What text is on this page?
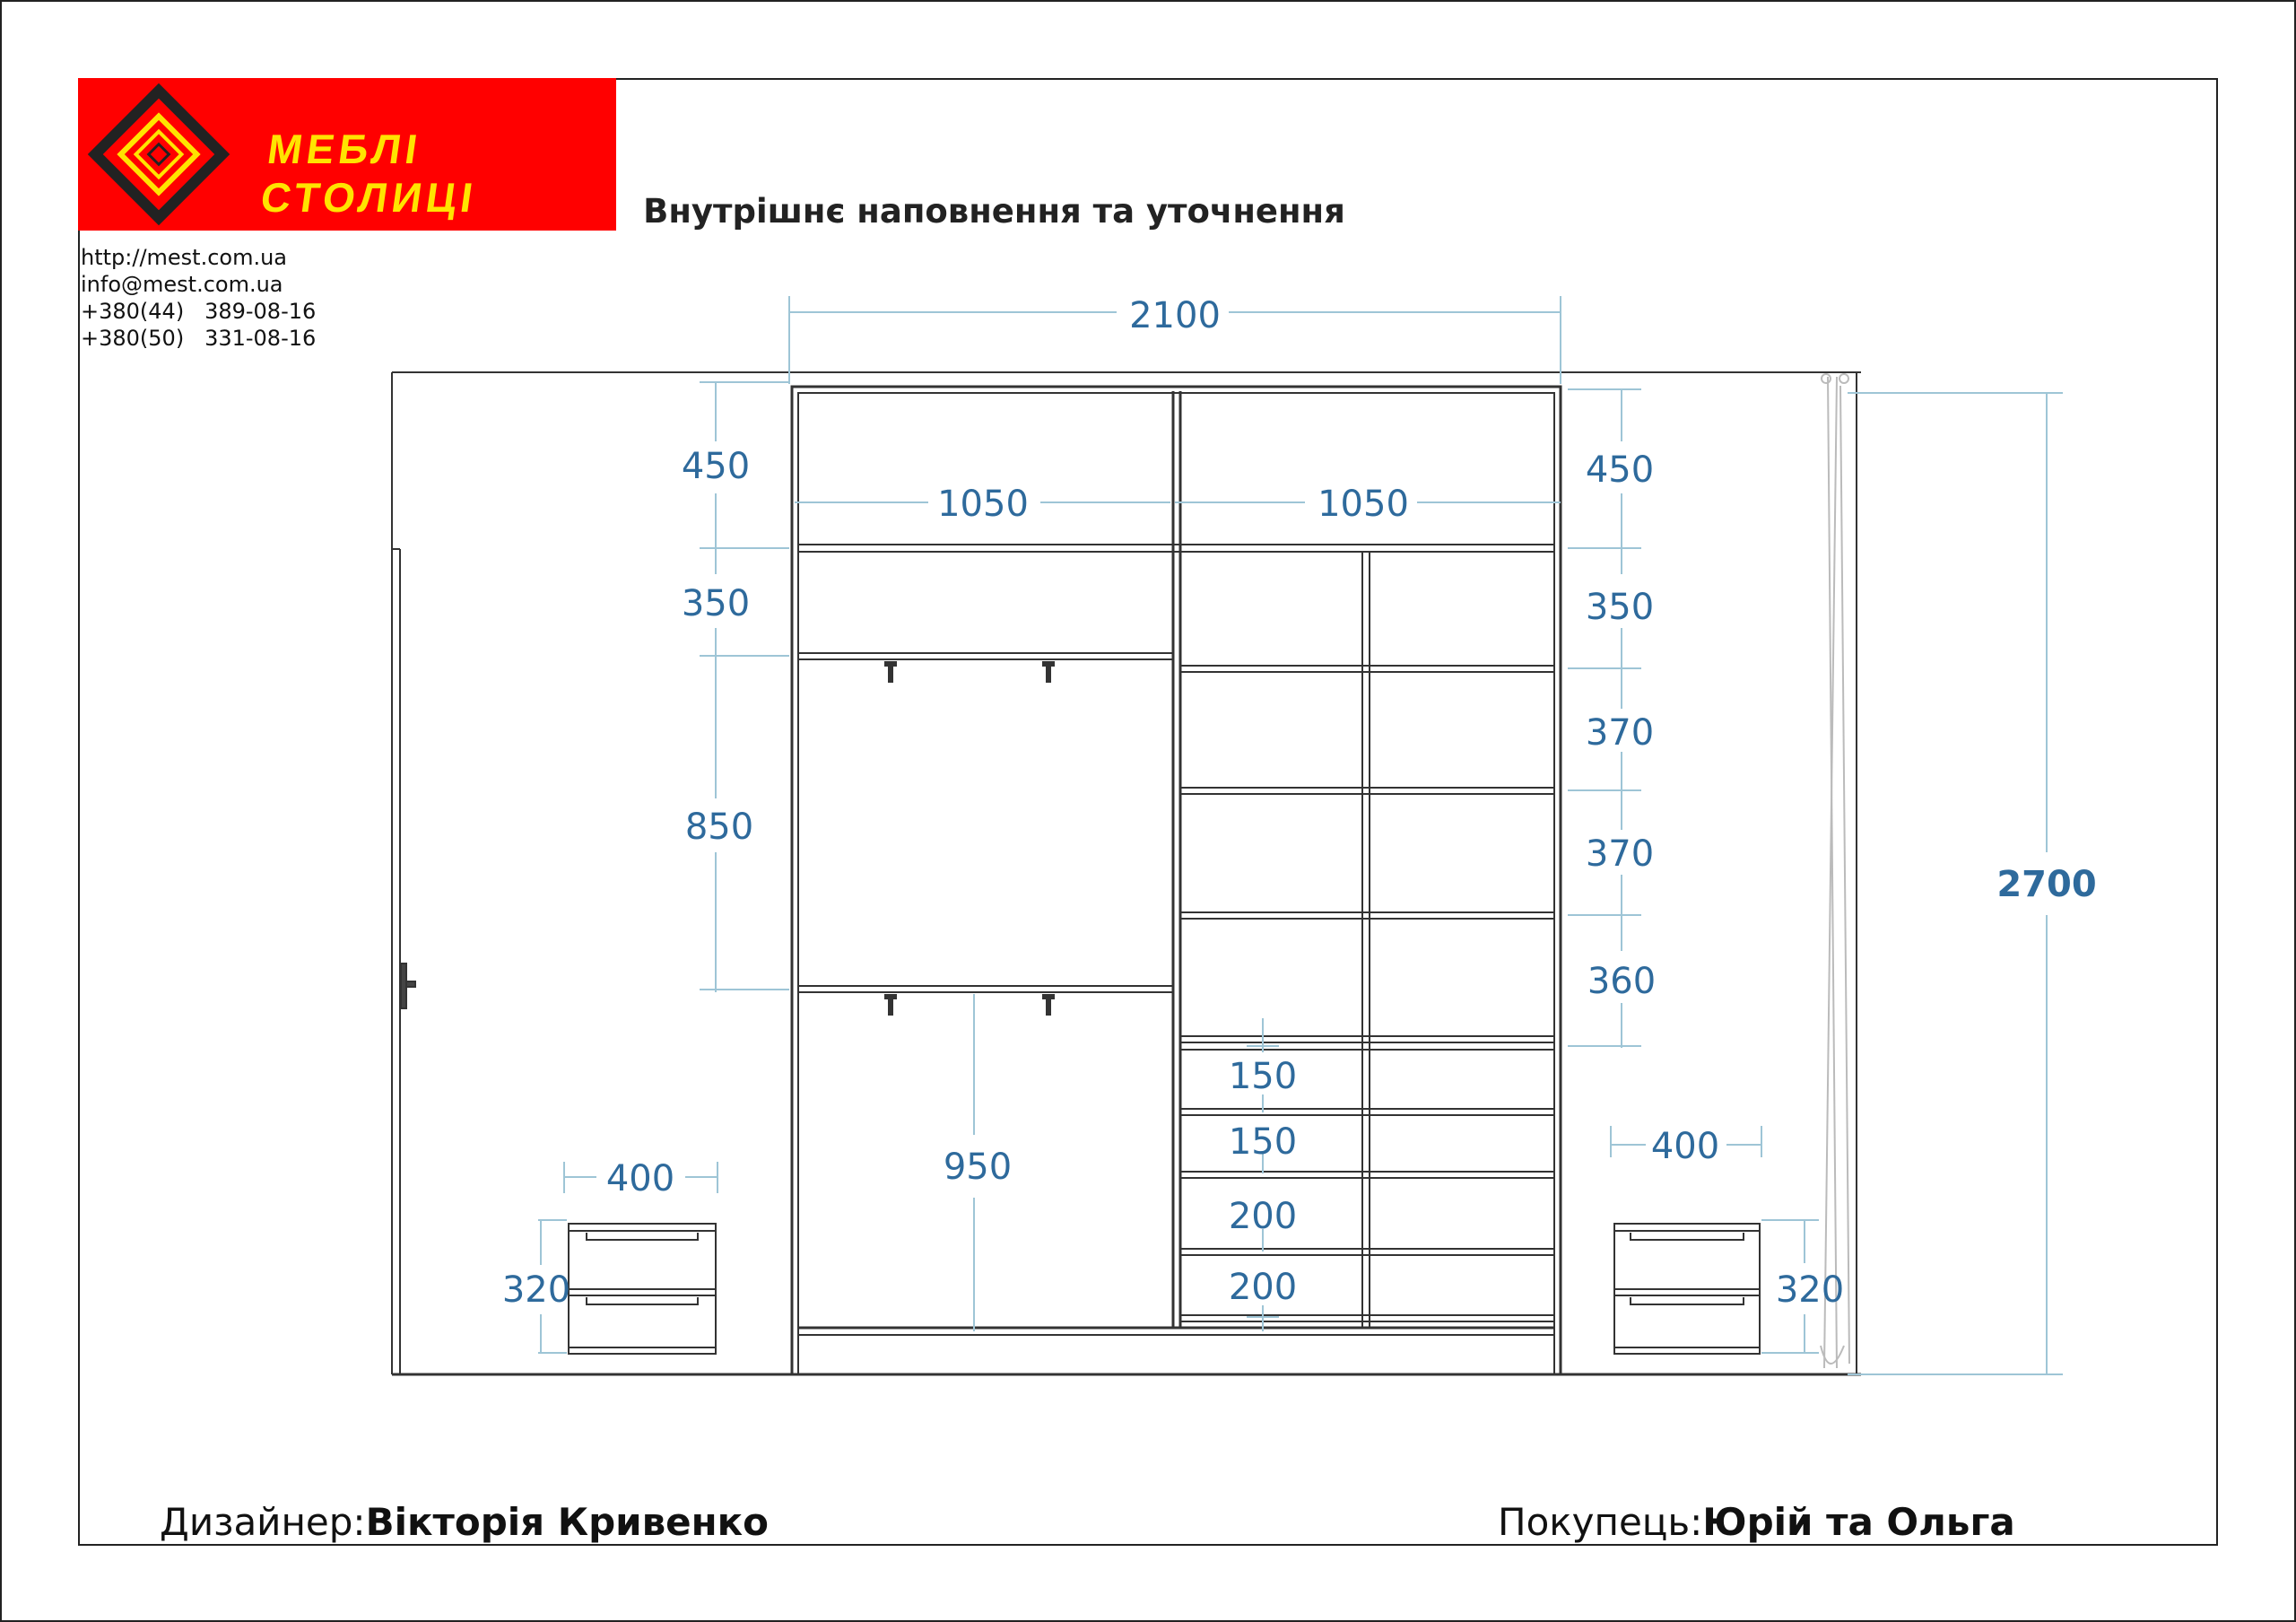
МЕБЛІ СТОЛИЦІ
http://mest.com.ua
info@mest.com.ua
+380(44)   389-08-16
+380(50)   331-08-16
Внутрішнє наповнення та уточнення
2100
1050	1050
450
350
850
950
450
350
370
370
360
150
150
200
200
2700
400
320
400
320
Дизайнер:Вікторія Кривенко	Покупець:Юрій та Ольга
